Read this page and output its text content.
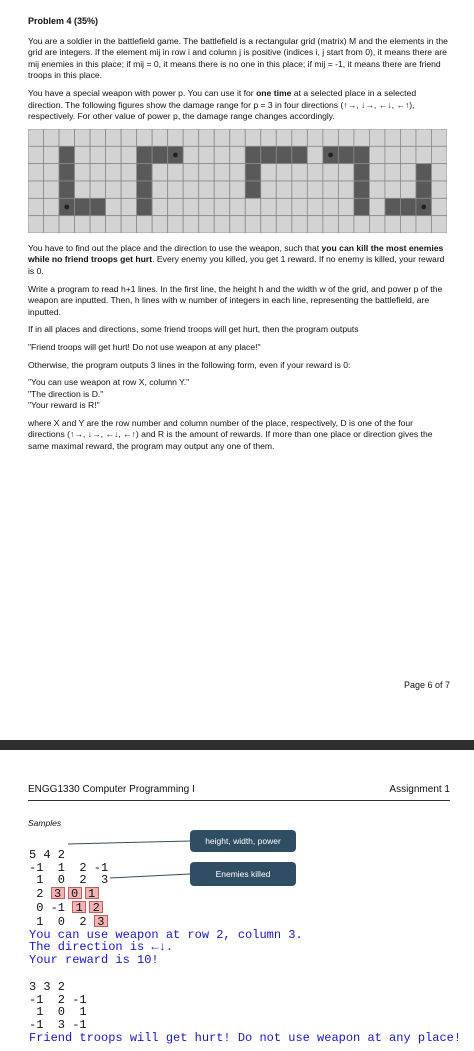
Problem 4 (35%)

You are a soldier in the battlefield game. The battlefield is a rectangular grid (matrix) M and the elements in the grid are integers. If the element mij in row i and column j is positive (indices i, j start from 0), it means there are mij enemies in this place; if mij = 0, it means there is no one in this place; if mij = -1, it means there are friend troops in this place.

You have a special weapon with power p. You can use it for one time at a selected place in a selected direction. The following figures show the damage range for p = 3 in four directions (↑→, ↓→, ←↓, ←↑), respectively. For other value of power p, the damage range changes accordingly.

You have to find out the place and the direction to use the weapon, such that you can kill the most enemies while no friend troops get hurt. Every enemy you killed, you get 1 reward. If no enemy is killed, your reward is 0.

Write a program to read h+1 lines. In the first line, the height h and the width w of the grid, and power p of the weapon are inputted. Then, h lines with w number of integers in each line, representing the battlefield, are inputted.

If in all places and directions, some friend troops will get hurt, then the program outputs

"Friend troops will get hurt! Do not use weapon at any place!"

Otherwise, the program outputs 3 lines in the following form, even if your reward is 0:

"You can use weapon at row X, column Y."
"The direction is D."
"Your reward is R!"

where X and Y are the row number and column number of the place, respectively, D is one of the four directions (↑→, ↓→, ←↓, ←↑) and R is the amount of rewards. If more than one place or direction gives the same maximal reward, the program may output any one of them.

Page 6 of 7
ENGG1330 Computer Programming I	Assignment 1
Samples
height, width, power
Enemies killed

5 4 2
-1  1  2 -1
1  0  2  3
2 3 0 1
0 -1 1 2
1  0  2 3
You can use weapon at row 2, column 3.
The direction is ←↓.
Your reward is 10!

3 3 2
-1  2 -1
1  0  1
-1  3 -1
Friend troops will get hurt! Do not use weapon at any place!
